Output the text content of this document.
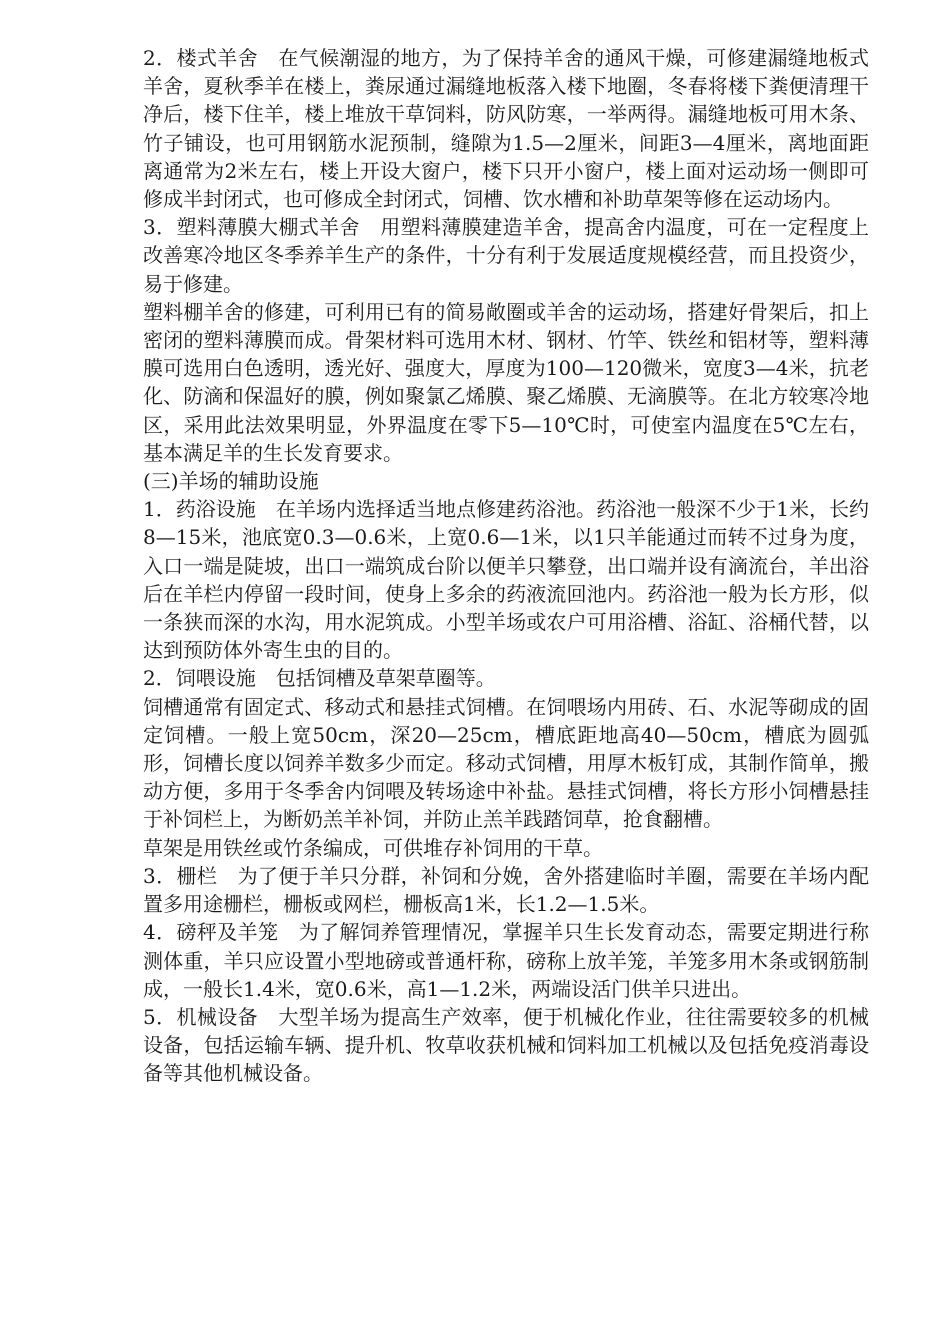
2．楼式羊舍　在气候潮湿的地方，为了保持羊舍的通风干燥，可修建漏缝地板式羊舍，夏秋季羊在楼上，粪尿通过漏缝地板落入楼下地圈，冬春将楼下粪便清理干净后，楼下住羊，楼上堆放干草饲料，防风防寒，一举两得。漏缝地板可用木条、竹子铺设，也可用钢筋水泥预制，缝隙为1.5—2厘米，间距3—4厘米，离地面距离通常为2米左右，楼上开设大窗户，楼下只开小窗户，楼上面对运动场一侧即可修成半封闭式，也可修成全封闭式，饲槽、饮水槽和补助草架等修在运动场内。

3．塑料薄膜大棚式羊舍　用塑料薄膜建造羊舍，提高舍内温度，可在一定程度上改善寒冷地区冬季养羊生产的条件，十分有利于发展适度规模经营，而且投资少，易于修建。

塑料棚羊舍的修建，可利用已有的简易敞圈或羊舍的运动场，搭建好骨架后，扣上密闭的塑料薄膜而成。骨架材料可选用木材、钢材、竹竿、铁丝和铝材等，塑料薄膜可选用白色透明，透光好、强度大，厚度为100—120微米，宽度3—4米，抗老化、防滴和保温好的膜，例如聚氯乙烯膜、聚乙烯膜、无滴膜等。在北方较寒冷地区，采用此法效果明显，外界温度在零下5—10℃时，可使室内温度在5℃左右，基本满足羊的生长发育要求。

(三)羊场的辅助设施

1．药浴设施　在羊场内选择适当地点修建药浴池。药浴池一般深不少于1米，长约8—15米，池底宽0.3—0.6米，上宽0.6—1米，以1只羊能通过而转不过身为度，入口一端是陡坡，出口一端筑成台阶以便羊只攀登，出口端并设有滴流台，羊出浴后在羊栏内停留一段时间，使身上多余的药液流回池内。药浴池一般为长方形，似一条狭而深的水沟，用水泥筑成。小型羊场或农户可用浴槽、浴缸、浴桶代替，以达到预防体外寄生虫的目的。

2．饲喂设施　包括饲槽及草架草圈等。

饲槽通常有固定式、移动式和悬挂式饲槽。在饲喂场内用砖、石、水泥等砌成的固定饲槽。一般上宽50cm，深20—25cm，槽底距地高40—50cm，槽底为圆弧形，饲槽长度以饲养羊数多少而定。移动式饲槽，用厚木板钉成，其制作简单，搬动方便，多用于冬季舍内饲喂及转场途中补盐。悬挂式饲槽，将长方形小饲槽悬挂于补饲栏上，为断奶羔羊补饲，并防止羔羊践踏饲草，抢食翻槽。

草架是用铁丝或竹条编成，可供堆存补饲用的干草。

3．栅栏　为了便于羊只分群，补饲和分娩，舍外搭建临时羊圈，需要在羊场内配置多用途栅栏，栅板或网栏，栅板高1米，长1.2—1.5米。

4．磅秤及羊笼　为了解饲养管理情况，掌握羊只生长发育动态，需要定期进行称测体重，羊只应设置小型地磅或普通杆称，磅称上放羊笼，羊笼多用木条或钢筋制成，一般长1.4米，宽0.6米，高1—1.2米，两端设活门供羊只进出。

5．机械设备　大型羊场为提高生产效率，便于机械化作业，往往需要较多的机械设备，包括运输车辆、提升机、牧草收获机械和饲料加工机械以及包括免疫消毒设备等其他机械设备。
